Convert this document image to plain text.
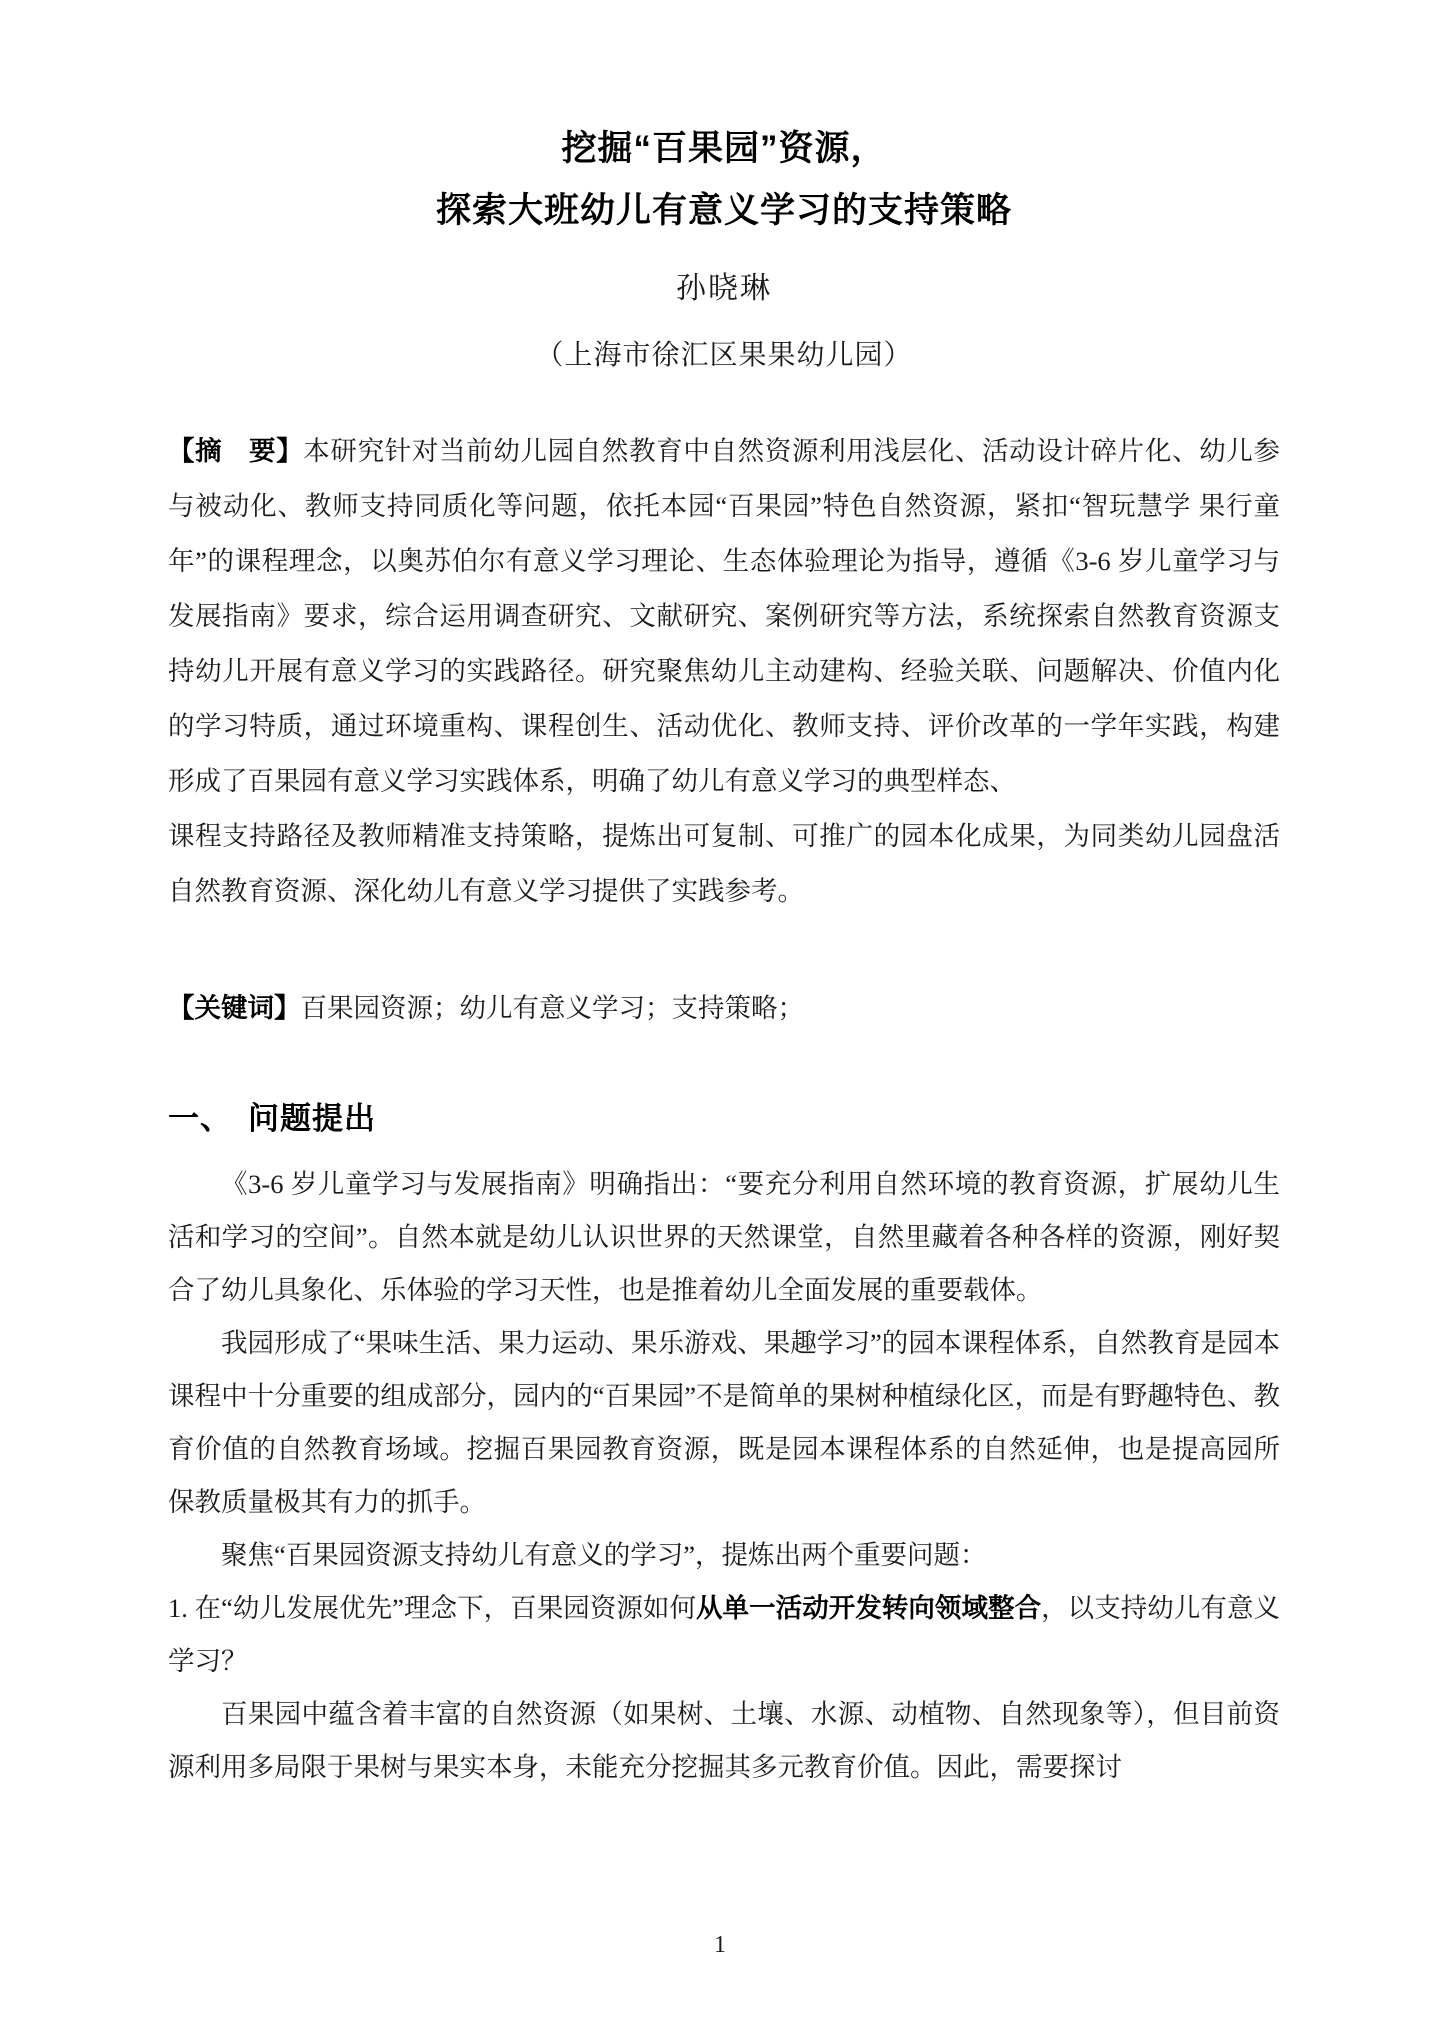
挖掘“百果园”资源，
探索大班幼儿有意义学习的支持策略
孙晓琳
（上海市徐汇区果果幼儿园）
【摘 要】本研究针对当前幼儿园自然教育中自然资源利用浅层化、活动设计碎片化、幼儿参与被动化、教师支持同质化等问题，依托本园“百果园”特色自然资源，紧扣“智玩慧学 果行童年”的课程理念，以奥苏伯尔有意义学习理论、生态体验理论为指导，遵循《3-6 岁儿童学习与发展指南》要求，综合运用调查研究、文献研究、案例研究等方法，系统探索自然教育资源支持幼儿开展有意义学习的实践路径。研究聚焦幼儿主动建构、经验关联、问题解决、价值内化的学习特质，通过环境重构、课程创生、活动优化、教师支持、评价改革的一学年实践，构建形成了百果园有意义学习实践体系，明确了幼儿有意义学习的典型样态、
课程支持路径及教师精准支持策略，提炼出可复制、可推广的园本化成果，为同类幼儿园盘活自然教育资源、深化幼儿有意义学习提供了实践参考。
【关键词】百果园资源；幼儿有意义学习；支持策略；
一、 问题提出

《3-6 岁儿童学习与发展指南》明确指出：“要充分利用自然环境的教育资源，扩展幼儿生活和学习的空间”。自然本就是幼儿认识世界的天然课堂，自然里藏着各种各样的资源，刚好契合了幼儿具象化、乐体验的学习天性，也是推着幼儿全面发展的重要载体。

我园形成了“果味生活、果力运动、果乐游戏、果趣学习”的园本课程体系，自然教育是园本课程中十分重要的组成部分，园内的“百果园”不是简单的果树种植绿化区，而是有野趣特色、教育价值的自然教育场域。挖掘百果园教育资源，既是园本课程体系的自然延伸，也是提高园所保教质量极其有力的抓手。

聚焦“百果园资源支持幼儿有意义的学习”，提炼出两个重要问题：

1. 在“幼儿发展优先”理念下，百果园资源如何从单一活动开发转向领域整合，以支持幼儿有意义学习？

百果园中蕴含着丰富的自然资源（如果树、土壤、水源、动植物、自然现象等），但目前资源利用多局限于果树与果实本身，未能充分挖掘其多元教育价值。因此，需要探讨

1
